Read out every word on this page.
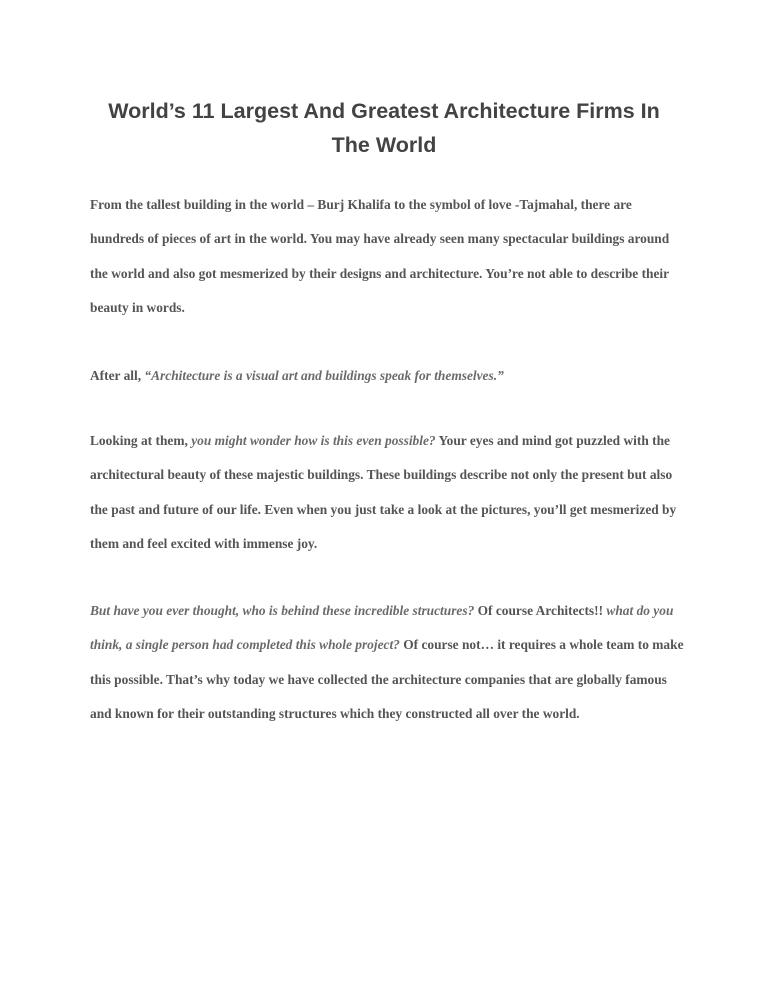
World’s 11 Largest And Greatest Architecture Firms In The World

From the tallest building in the world – Burj Khalifa to the symbol of love -Tajmahal, there are hundreds of pieces of art in the world. You may have already seen many spectacular buildings around the world and also got mesmerized by their designs and architecture. You’re not able to describe their beauty in words.

After all, “Architecture is a visual art and buildings speak for themselves.”

Looking at them, you might wonder how is this even possible? Your eyes and mind got puzzled with the architectural beauty of these majestic buildings. These buildings describe not only the present but also the past and future of our life. Even when you just take a look at the pictures, you’ll get mesmerized by them and feel excited with immense joy.

But have you ever thought, who is behind these incredible structures? Of course Architects!! what do you think, a single person had completed this whole project? Of course not… it requires a whole team to make this possible. That’s why today we have collected the architecture companies that are globally famous and known for their outstanding structures which they constructed all over the world.
